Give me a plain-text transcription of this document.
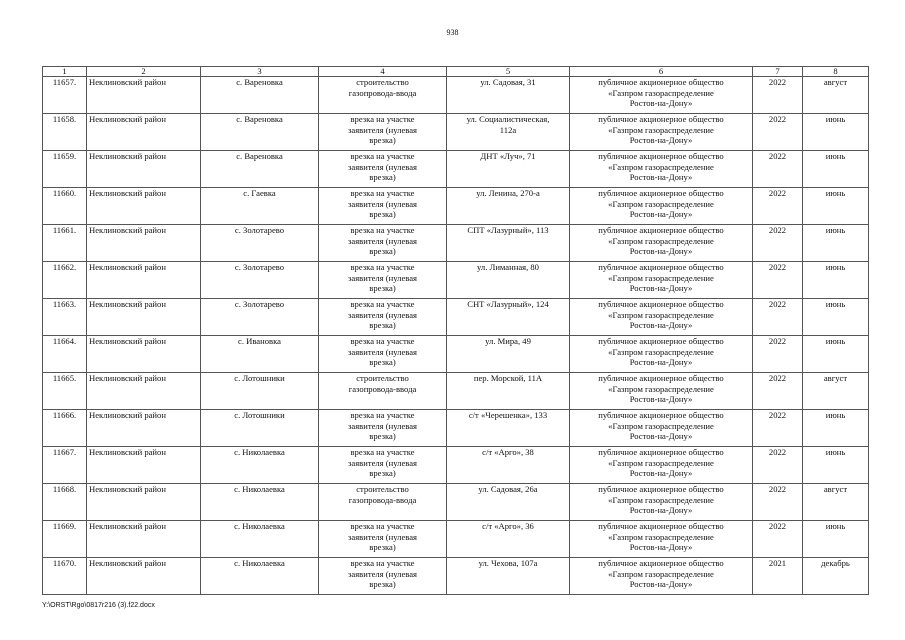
938
1	2	3	4	5	6	7	8
11657.	Неклиновский район	с. Вареновка	строительство
газопровода-ввода	ул. Садовая, 31	публичное акционерное общество
«Газпром газораспределение
Ростов-на-Дону»	2022	август
11658.	Неклиновский район	с. Вареновка	врезка на участке
заявителя (нулевая
врезка)	ул. Социалистическая,
112а	публичное акционерное общество
«Газпром газораспределение
Ростов-на-Дону»	2022	июнь
11659.	Неклиновский район	с. Вареновка	врезка на участке
заявителя (нулевая
врезка)	ДНТ «Луч», 71	публичное акционерное общество
«Газпром газораспределение
Ростов-на-Дону»	2022	июнь
11660.	Неклиновский район	с. Гаевка	врезка на участке
заявителя (нулевая
врезка)	ул. Ленина, 270-а	публичное акционерное общество
«Газпром газораспределение
Ростов-на-Дону»	2022	июнь
11661.	Неклиновский район	с. Золотарево	врезка на участке
заявителя (нулевая
врезка)	СПТ «Лазурный», 113	публичное акционерное общество
«Газпром газораспределение
Ростов-на-Дону»	2022	июнь
11662.	Неклиновский район	с. Золотарево	врезка на участке
заявителя (нулевая
врезка)	ул. Лиманная, 80	публичное акционерное общество
«Газпром газораспределение
Ростов-на-Дону»	2022	июнь
11663.	Неклиновский район	с. Золотарево	врезка на участке
заявителя (нулевая
врезка)	СНТ «Лазурный», 124	публичное акционерное общество
«Газпром газораспределение
Ростов-на-Дону»	2022	июнь
11664.	Неклиновский район	с. Ивановка	врезка на участке
заявителя (нулевая
врезка)	ул. Мира, 49	публичное акционерное общество
«Газпром газораспределение
Ростов-на-Дону»	2022	июнь
11665.	Неклиновский район	с. Лотошники	строительство
газопровода-ввода	пер. Морской, 11А	публичное акционерное общество
«Газпром газораспределение
Ростов-на-Дону»	2022	август
11666.	Неклиновский район	с. Лотошники	врезка на участке
заявителя (нулевая
врезка)	с/т «Черешенка», 133	публичное акционерное общество
«Газпром газораспределение
Ростов-на-Дону»	2022	июнь
11667.	Неклиновский район	с. Николаевка	врезка на участке
заявителя (нулевая
врезка)	с/т «Арго», 38	публичное акционерное общество
«Газпром газораспределение
Ростов-на-Дону»	2022	июнь
11668.	Неклиновский район	с. Николаевка	строительство
газопровода-ввода	ул. Садовая, 26а	публичное акционерное общество
«Газпром газораспределение
Ростов-на-Дону»	2022	август
11669.	Неклиновский район	с. Николаевка	врезка на участке
заявителя (нулевая
врезка)	с/т «Арго», 36	публичное акционерное общество
«Газпром газораспределение
Ростов-на-Дону»	2022	июнь
11670.	Неклиновский район	с. Николаевка	врезка на участке
заявителя (нулевая
врезка)	ул. Чехова, 107а	публичное акционерное общество
«Газпром газораспределение
Ростов-на-Дону»	2021	декабрь
Y:\ORST\Rgo\0817r216 (3).f22.docx
